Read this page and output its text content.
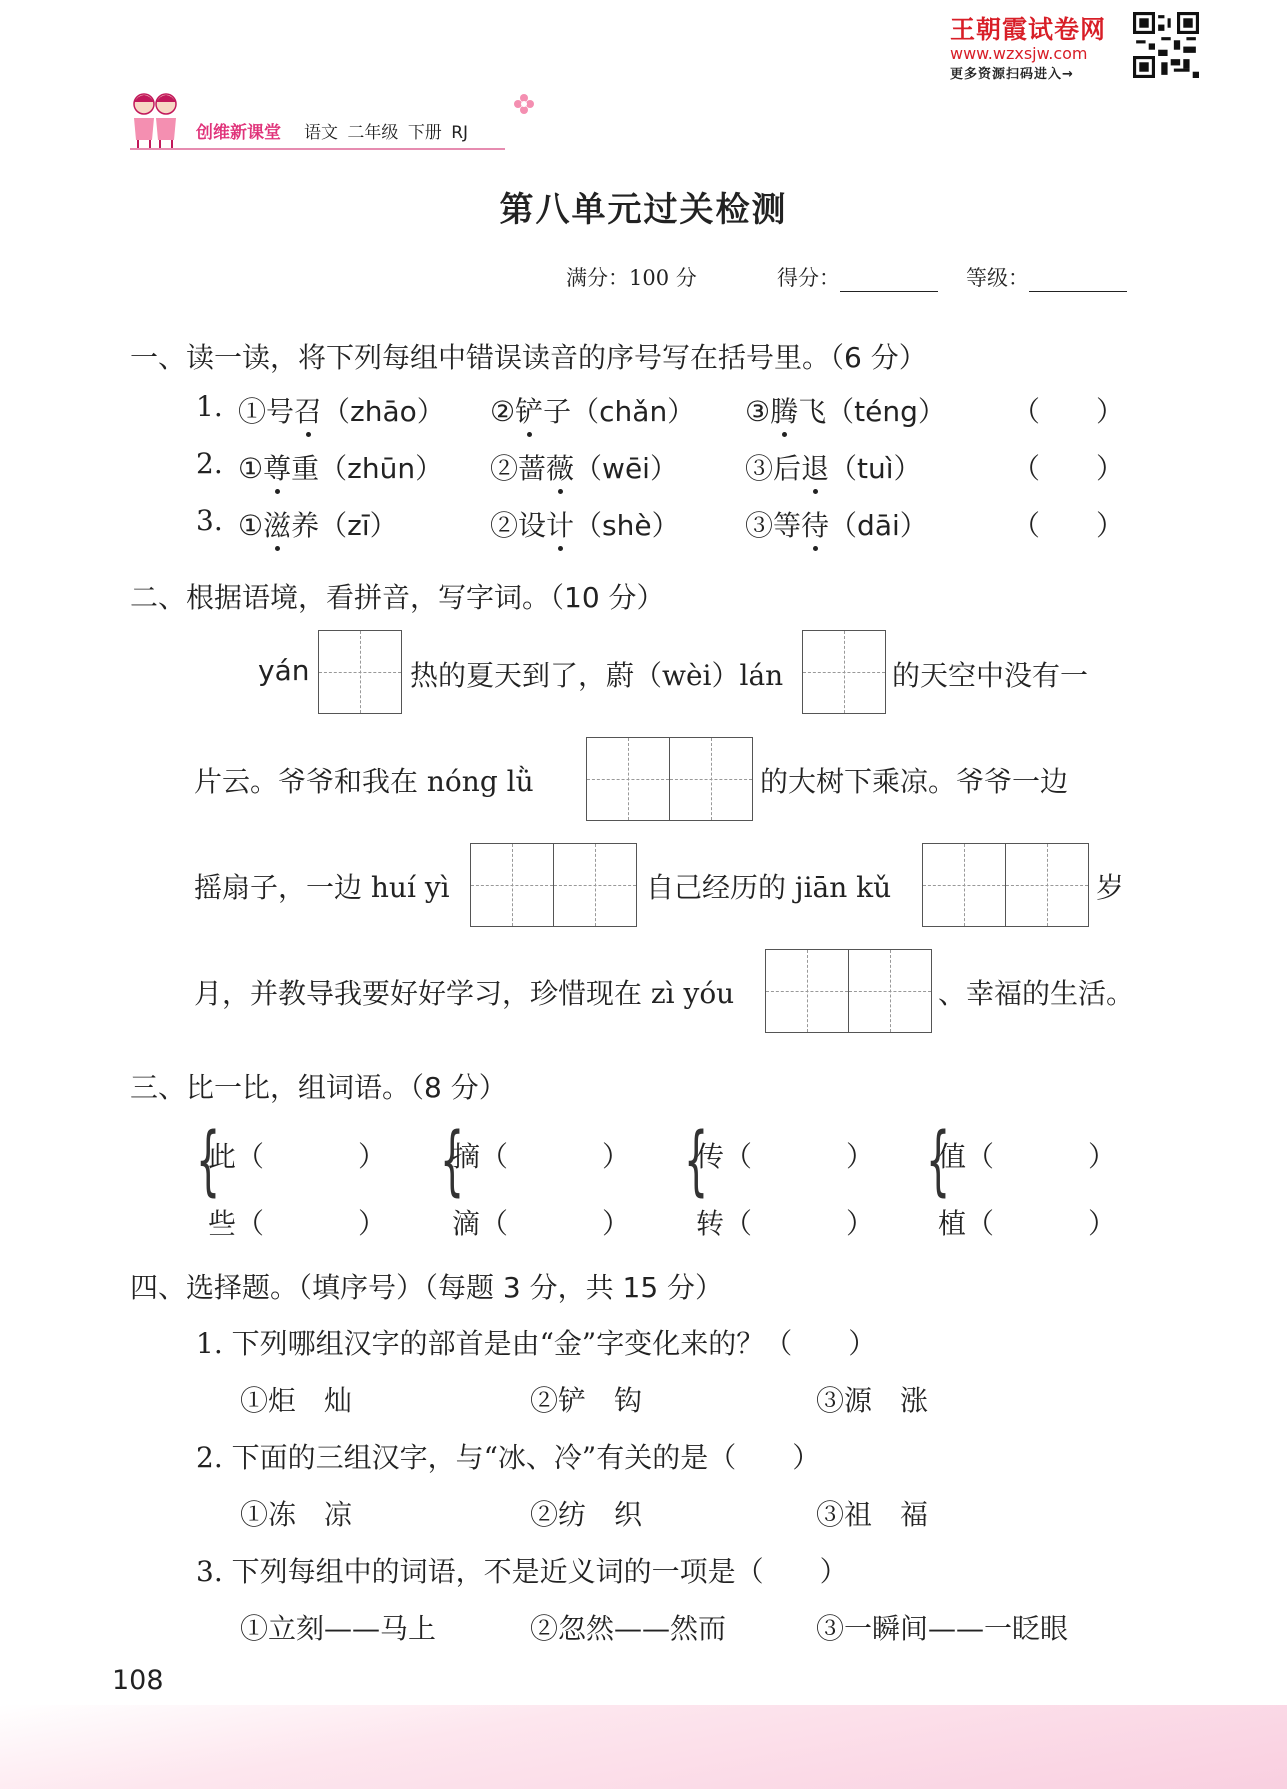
王朝霞试卷网
www.wzxsjw.com
更多资源扫码进入→
创维新课堂 语文 二年级 下册 RJ
第八单元过关检测
满分：100 分	得分：	等级：
一、读一读，将下列每组中错误读音的序号写在括号里。（6 分）
1. ①号召（zhāo） ②铲子（chǎn） ③腾飞（téng） （　　）
2. ①尊重（zhūn） ②蔷薇（wēi） ③后退（tuì）	（　　）
3. ①滋养（zī）	②设计（shè） ③等待（dāi）	（　　）
二、根据语境，看拼音，写字词。（10 分）
yán	热的夏天到了，蔚（wèi）lán	的天空中没有一
片云。爷爷和我在 nóng lǜ	的大树下乘凉。爷爷一边
摇扇子，一边 huí yì	自己经历的 jiān kǔ	岁
月，并教导我要好好学习，珍惜现在 zì yóu	、幸福的生活。
三、比一比，组词语。（8 分）
{
此（	）
些（	）
{
摘（	）
滴（	）
{
传（	）
转（	）
{
值（	）
植（	）
四、选择题。（填序号）（每题 3 分，共 15 分）
1. 下列哪组汉字的部首是由“金”字变化来的？（　　）
①炬　灿	②铲　钩	③源　涨
2. 下面的三组汉字，与“冰、冷”有关的是（　　）
①冻　凉	②纺　织	③祖　福
3. 下列每组中的词语，不是近义词的一项是（　　）
①立刻——马上	②忽然——然而	③一瞬间——一眨眼
108
